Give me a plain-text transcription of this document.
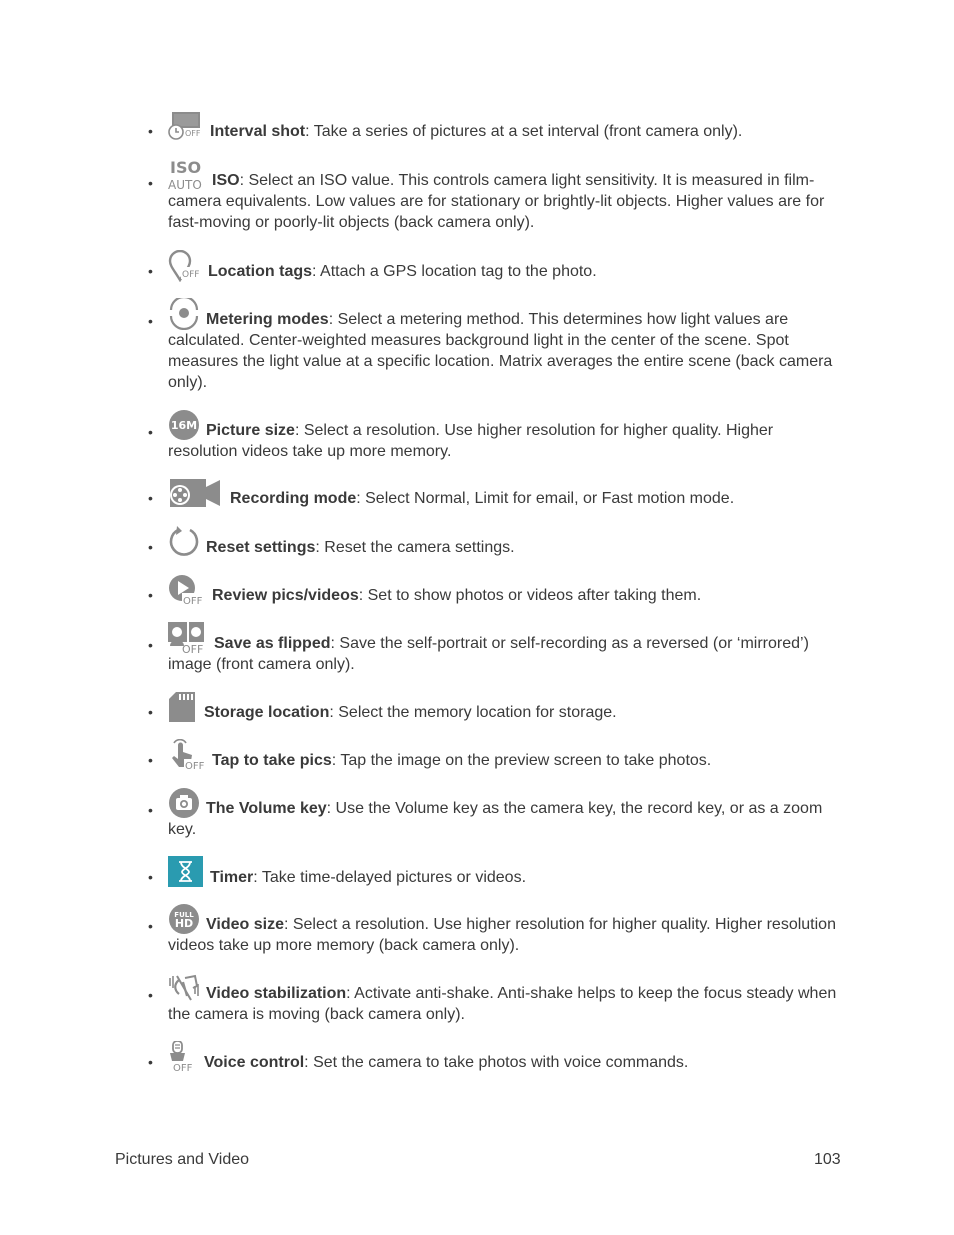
•	OFF Interval shot: Take a series of pictures at a set interval (front camera only).
•
ISO
AUTO ISO: Select an ISO value. This controls camera light sensitivity. It is measured in film-camera equivalents. Low values are for stationary or brightly-lit objects. Higher values are for fast-moving or poorly-lit objects (back camera only).
•	OFF Location tags: Attach a GPS location tag to the photo.
•	Metering modes: Select a metering method. This determines how light values are calculated. Center-weighted measures background light in the center of the scene. Spot measures the light value at a specific location. Matrix averages the entire scene (back camera only).
• 16M Picture size: Select a resolution. Use higher resolution for higher quality. Higher resolution videos take up more memory.
•	Recording mode: Select Normal, Limit for email, or Fast motion mode.
•	Reset settings: Reset the camera settings.
•	OFF Review pics/videos: Set to show photos or videos after taking them.
•	OFF Save as flipped: Save the self-portrait or self-recording as a reversed (or ‘mirrored’) image (front camera only).
•	Storage location: Select the memory location for storage.
•	OFF Tap to take pics: Tap the image on the preview screen to take photos.
•	The Volume key: Use the Volume key as the camera key, the record key, or as a zoom key.
•	Timer: Take time-delayed pictures or videos.
•
FULL
HD Video size: Select a resolution. Use higher resolution for higher quality. Higher resolution videos take up more memory (back camera only).
•	Video stabilization: Activate anti-shake. Anti-shake helps to keep the focus steady when the camera is moving (back camera only).
• OFF Voice control: Set the camera to take photos with voice commands.
Pictures and Video	103
